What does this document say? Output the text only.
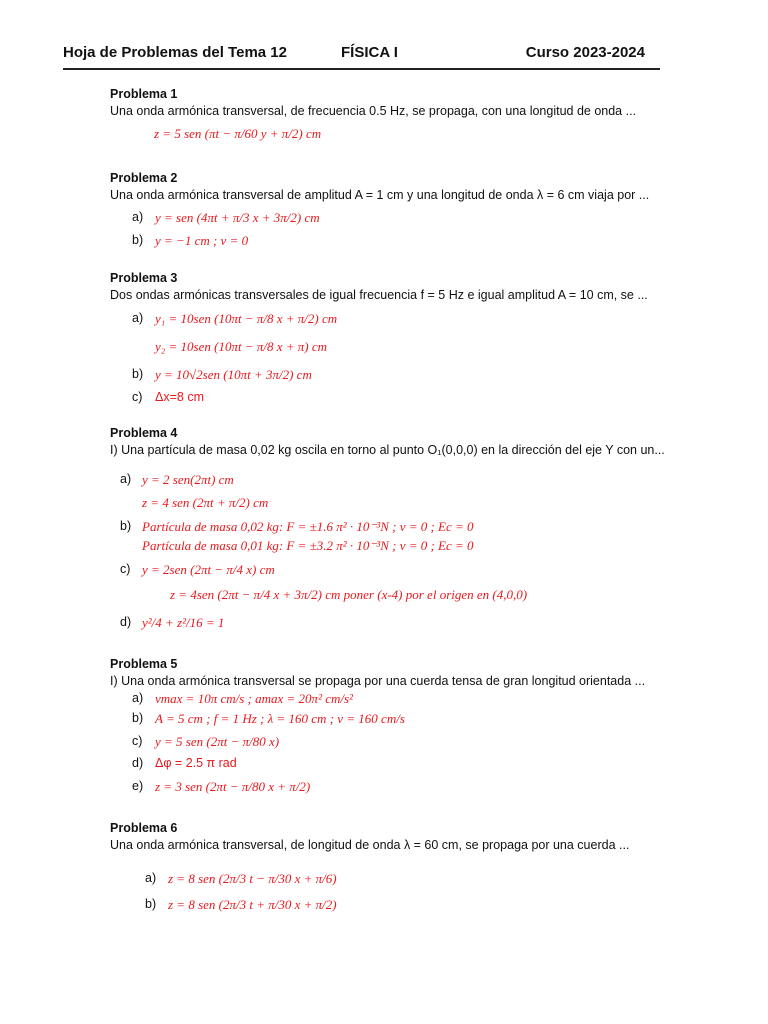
Hoja de Problemas del Tema 12	FÍSICA I	Curso 2023-2024
Problema 1
Una onda armónica transversal, de frecuencia 0.5 Hz, se propaga, con una longitud de onda ...
z = 5 sen (πt − π/60 y + π/2) cm
Problema 2
Una onda armónica transversal de amplitud A = 1 cm y una longitud de onda λ = 6 cm viaja por ...
a) y = sen (4πt + π/3 x + 3π/2) cm
b) y = −1 cm ; v = 0
Problema 3
Dos ondas armónicas transversales de igual frecuencia f = 5 Hz e igual amplitud A = 10 cm, se ...
a) y₁ = 10sen (10πt − π/8 x + π/2) cm
y₂ = 10sen (10πt − π/8 x + π) cm
b) y = 10√2sen (10πt + 3π/2) cm
c) Δx=8 cm
Problema 4
I) Una partícula de masa 0,02 kg oscila en torno al punto O₁(0,0,0) en la dirección del eje Y con un...
a) y = 2 sen(2πt) cm
z = 4 sen (2πt + π/2) cm
b) Partícula de masa 0,02 kg: F = ±1.6 π² · 10⁻³N ; v = 0 ; Ec = 0
Partícula de masa 0,01 kg: F = ±3.2 π² · 10⁻³N ; v = 0 ; Ec = 0
c) y = 2sen (2πt − π/4 x) cm
z = 4sen (2πt − π/4 x + 3π/2) cm poner (x-4) por el origen en (4,0,0)
d) y²/4 + z²/16 = 1
Problema 5
I) Una onda armónica transversal se propaga por una cuerda tensa de gran longitud orientada ...
a) vmax = 10π cm/s ; amax = 20π² cm/s²
b) A = 5 cm ; f = 1 Hz ; λ = 160 cm ; v = 160 cm/s
c) y = 5 sen (2πt − π/80 x)
d) Δφ = 2.5 π rad
e) z = 3 sen (2πt − π/80 x + π/2)
Problema 6
Una onda armónica transversal, de longitud de onda λ = 60 cm, se propaga por una cuerda ...
a) z = 8 sen (2π/3 t − π/30 x + π/6)
b) z = 8 sen (2π/3 t + π/30 x + π/2)
